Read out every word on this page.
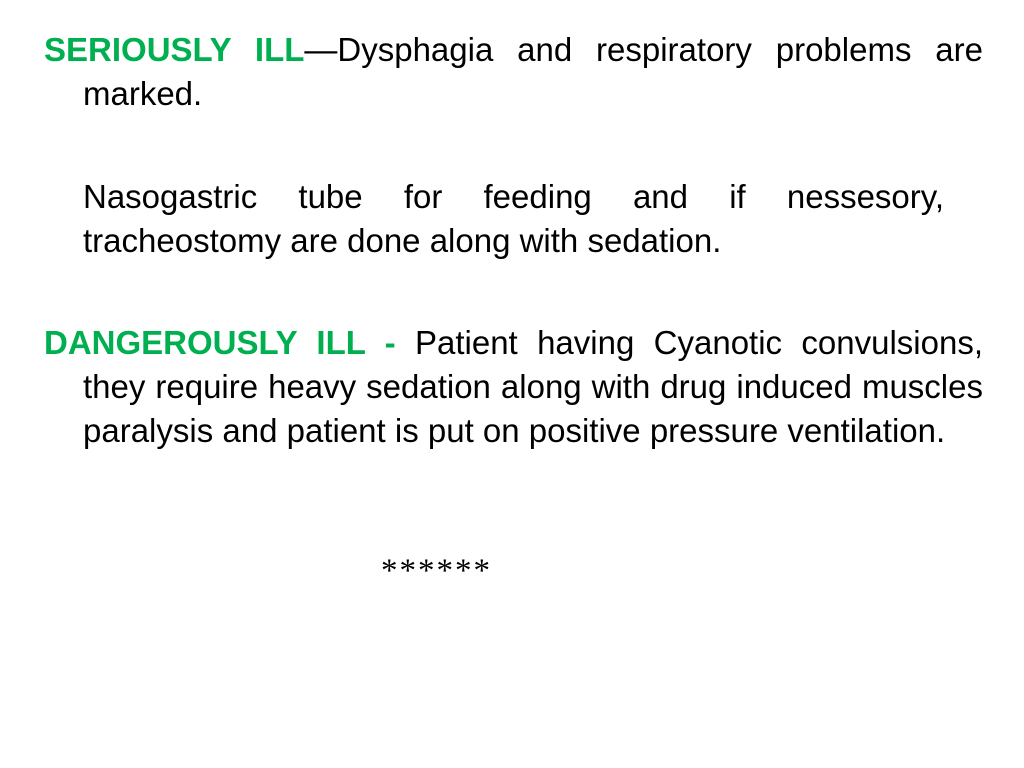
SERIOUSLY ILL—Dysphagia and respiratory problems are marked.

Nasogastric tube for feeding and if nessesory, tracheostomy are done along with sedation.

DANGEROUSLY ILL - Patient having Cyanotic convulsions, they require heavy sedation along with drug induced muscles paralysis and patient is put on positive pressure ventilation.

******
